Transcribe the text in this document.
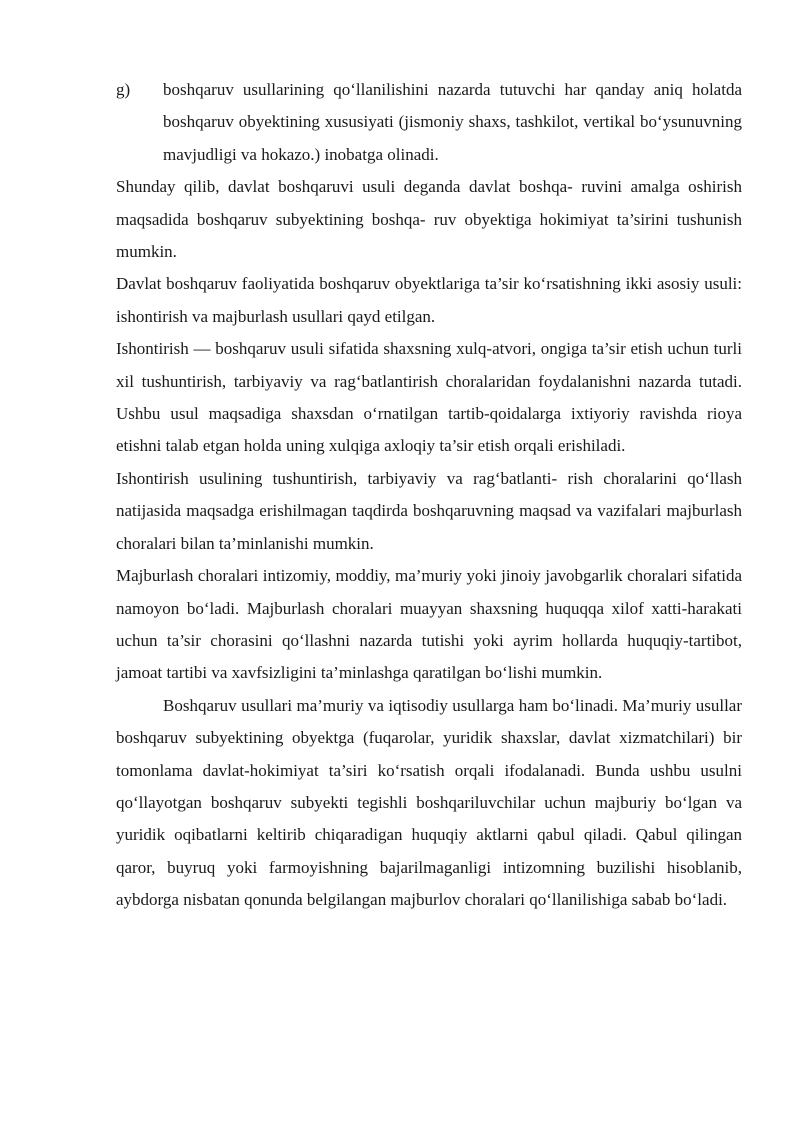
g)	boshqaruv usullarining qo‘llanilishini nazarda tutuvchi har qanday aniq holatda boshqaruv obyektining xususiyati (jismoniy shaxs, tashkilot, vertikal bo‘ysunuvning mavjudligi va hokazo.) inobatga olinadi.

Shunday qilib, davlat boshqaruvi usuli deganda davlat boshqa- ruvini amalga oshirish maqsadida boshqaruv subyektining boshqa- ruv obyektiga hokimiyat ta’sirini tushunish mumkin.

Davlat boshqaruv faoliyatida boshqaruv obyektlariga ta’sir ko‘rsatishning ikki asosiy usuli: ishontirish va majburlash usullari qayd etilgan.

Ishontirish — boshqaruv usuli sifatida shaxsning xulq-atvori, ongiga ta’sir etish uchun turli xil tushuntirish, tarbiyaviy va rag‘batlantirish choralaridan foydalanishni nazarda tutadi. Ushbu usul maqsadiga shaxsdan o‘rnatilgan tartib-qoidalarga ixtiyoriy ravishda rioya etishni talab etgan holda uning xulqiga axloqiy ta’sir etish orqali erishiladi.

Ishontirish usulining tushuntirish, tarbiyaviy va rag‘batlanti- rish choralarini qo‘llash natijasida maqsadga erishilmagan taqdirda boshqaruvning maqsad va vazifalari majburlash choralari bilan ta’minlanishi mumkin.

Majburlash choralari intizomiy, moddiy, ma’muriy yoki jinoiy javobgarlik choralari sifatida namoyon bo‘ladi. Majburlash choralari muayyan shaxsning huquqqa xilof xatti-harakati uchun ta’sir chorasini qo‘llashni nazarda tutishi yoki ayrim hollarda huquqiy-tartibot, jamoat tartibi va xavfsizligini ta’minlashga qaratilgan bo‘lishi mumkin.

Boshqaruv usullari ma’muriy va iqtisodiy usullarga ham bo‘linadi. Ma’muriy usullar boshqaruv subyektining obyektga (fuqarolar, yuridik shaxslar, davlat xizmatchilari) bir tomonlama davlat-hokimiyat ta’siri ko‘rsatish orqali ifodalanadi. Bunda ushbu usulni qo‘llayotgan boshqaruv subyekti tegishli boshqariluvchilar uchun majburiy bo‘lgan va yuridik oqibatlarni keltirib chiqaradigan huquqiy aktlarni qabul qiladi. Qabul qilingan qaror, buyruq yoki farmoyishning bajarilmaganligi intizomning buzilishi hisoblanib, aybdorga nisbatan qonunda belgilangan majburlov choralari qo‘llanilishiga sabab bo‘ladi.
